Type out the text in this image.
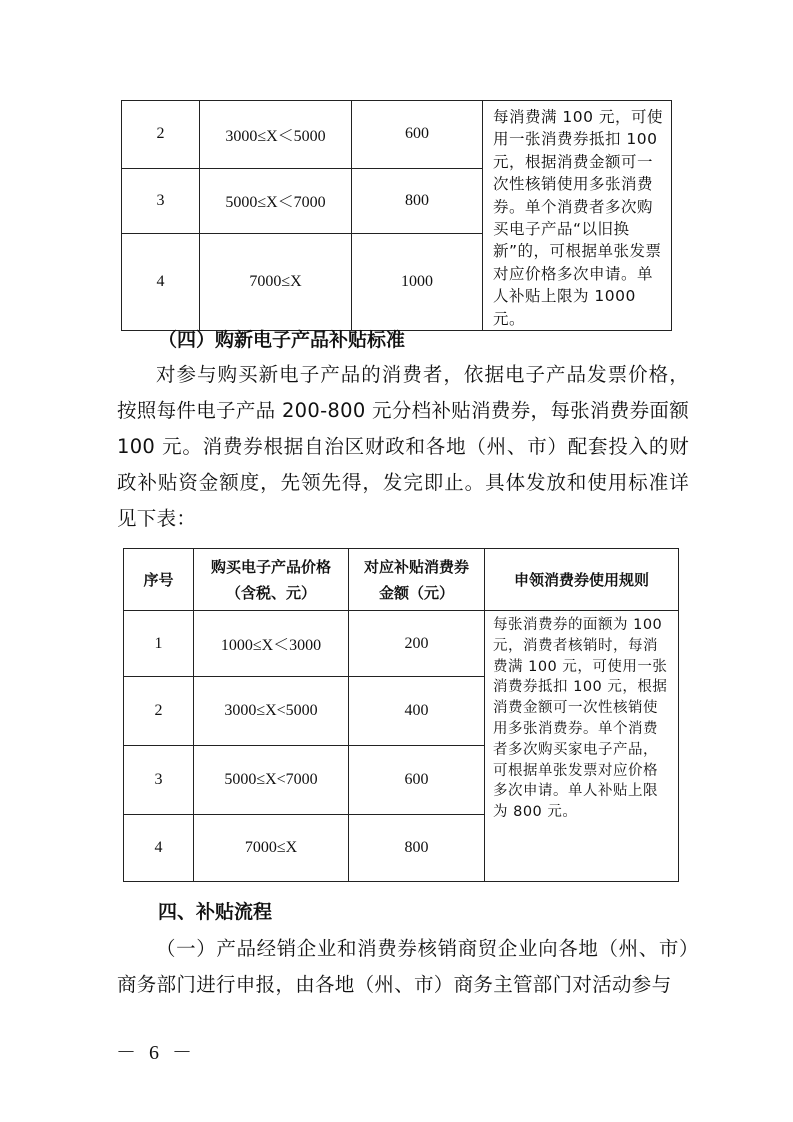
2	3000≤X＜5000	600	每消费满 100 元，可使用一张消费券抵扣 100 元，根据消费金额可一次性核销使用多张消费券。单个消费者多次购买电子产品“以旧换新”的，可根据单张发票对应价格多次申请。单人补贴上限为 1000 元。
3	5000≤X＜7000	800	
4	7000≤X	1000	
（四）购新电子产品补贴标准

对参与购买新电子产品的消费者，依据电子产品发票价格，按照每件电子产品 200-800 元分档补贴消费券，每张消费券面额 100 元。消费券根据自治区财政和各地（州、市）配套投入的财政补贴资金额度，先领先得，发完即止。具体发放和使用标准详见下表：

序号	购买电子产品价格（含税、元）	对应补贴消费券金额（元）	申领消费券使用规则
1	1000≤X＜3000	200	每张消费券的面额为 100 元，消费者核销时，每消费满 100 元，可使用一张消费券抵扣 100 元，根据消费金额可一次性核销使用多张消费券。单个消费者多次购买家电子产品，可根据单张发票对应价格多次申请。单人补贴上限为 800 元。
2	3000≤X<5000	400	
3	5000≤X<7000	600	
4	7000≤X	800	
四、补贴流程

（一）产品经销企业和消费券核销商贸企业向各地（州、市）商务部门进行申报，由各地（州、市）商务主管部门对活动参与

－ 6 －
